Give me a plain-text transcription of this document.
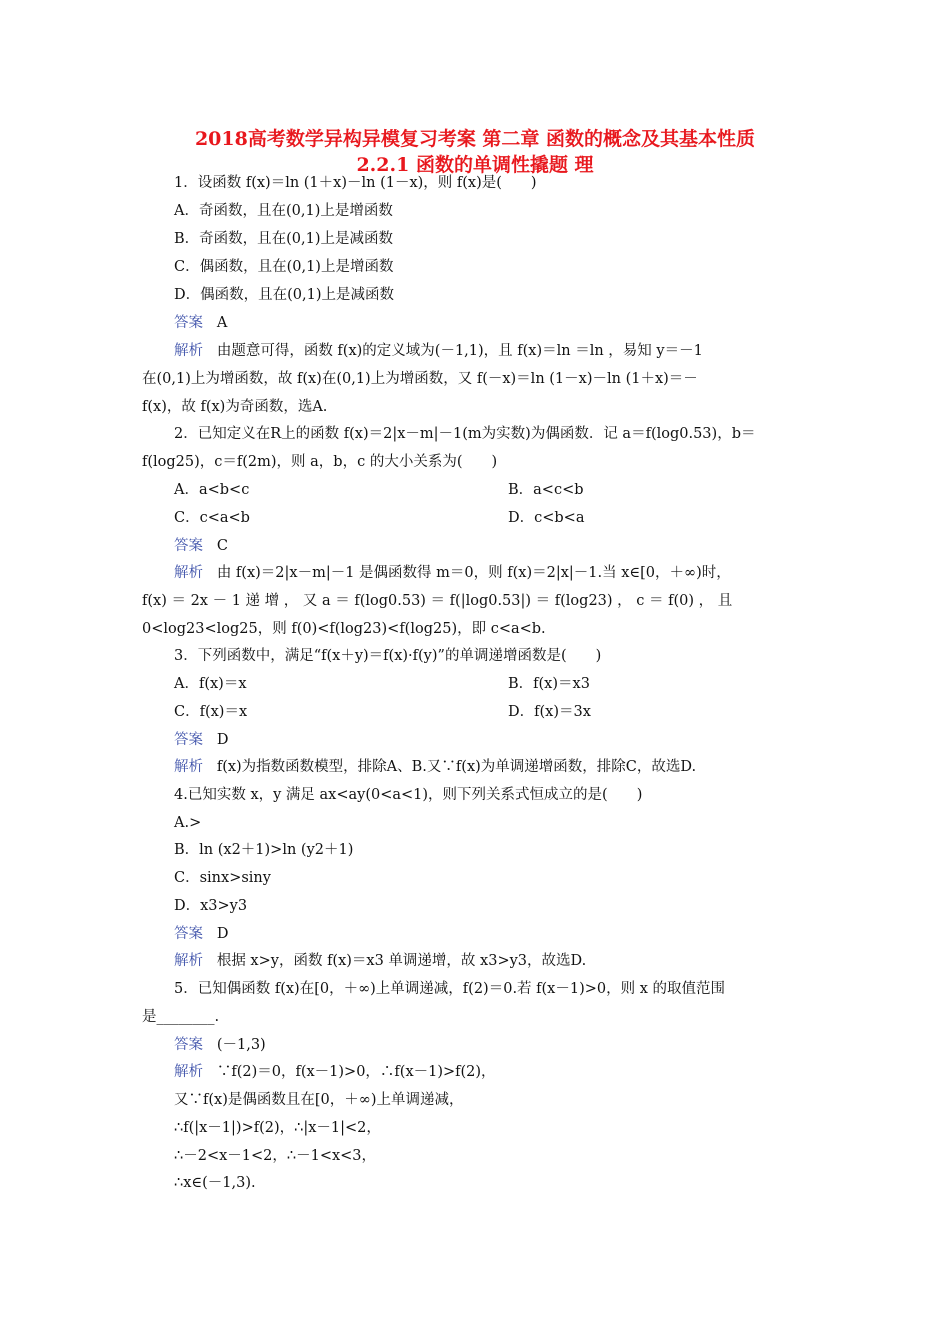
2018高考数学异构异模复习考案 第二章 函数的概念及其基本性质
2.2.1 函数的单调性撬题 理
1．设函数 f(x)＝ln (1＋x)－ln (1－x)，则 f(x)是(　　)
A．奇函数，且在(0,1)上是增函数
B．奇函数，且在(0,1)上是减函数
C．偶函数，且在(0,1)上是增函数
D．偶函数，且在(0,1)上是减函数
答案 A
解析 由题意可得，函数 f(x)的定义域为(－1,1)，且 f(x)＝ln ＝ln ，易知 y＝－1
在(0,1)上为增函数，故 f(x)在(0,1)上为增函数，又 f(－x)＝ln (1－x)－ln (1＋x)＝－
f(x)，故 f(x)为奇函数，选A.
2．已知定义在R上的函数 f(x)＝2|x－m|－1(m为实数)为偶函数．记 a＝f(log0.53)，b＝
f(log25)，c＝f(2m)，则 a，b，c 的大小关系为(　　)
A．a<b<c	B．a<c<b
C．c<a<b	D．c<b<a
答案 C
解析 由 f(x)＝2|x－m|－1 是偶函数得 m＝0，则 f(x)＝2|x|－1.当 x∈[0，＋∞)时，
f(x) ＝ 2x － 1 递 增 ， 又 a ＝ f(log0.53) ＝ f(|log0.53|) ＝ f(log23) ， c ＝ f(0) ， 且
0<log23<log25，则 f(0)<f(log23)<f(log25)，即 c<a<b.
3．下列函数中，满足“f(x＋y)＝f(x)·f(y)”的单调递增函数是(　　)
A．f(x)＝x	B．f(x)＝x3
C．f(x)＝x	D．f(x)＝3x
答案 D
解析 f(x)为指数函数模型，排除A、B.又∵f(x)为单调递增函数，排除C，故选D.
4.已知实数 x，y 满足 ax<ay(0<a<1)，则下列关系式恒成立的是(　　)
A.>
B．ln (x2＋1)>ln (y2＋1)
C．sinx>siny
D．x3>y3
答案 D
解析 根据 x>y，函数 f(x)＝x3 单调递增，故 x3>y3，故选D.
5．已知偶函数 f(x)在[0，＋∞)上单调递减，f(2)＝0.若 f(x－1)>0，则 x 的取值范围
是________.
答案 (－1,3)
解析 ∵f(2)＝0，f(x－1)>0，∴f(x－1)>f(2)，
又∵f(x)是偶函数且在[0，＋∞)上单调递减，
∴f(|x－1|)>f(2)，∴|x－1|<2，
∴－2<x－1<2，∴－1<x<3，
∴x∈(－1,3).
